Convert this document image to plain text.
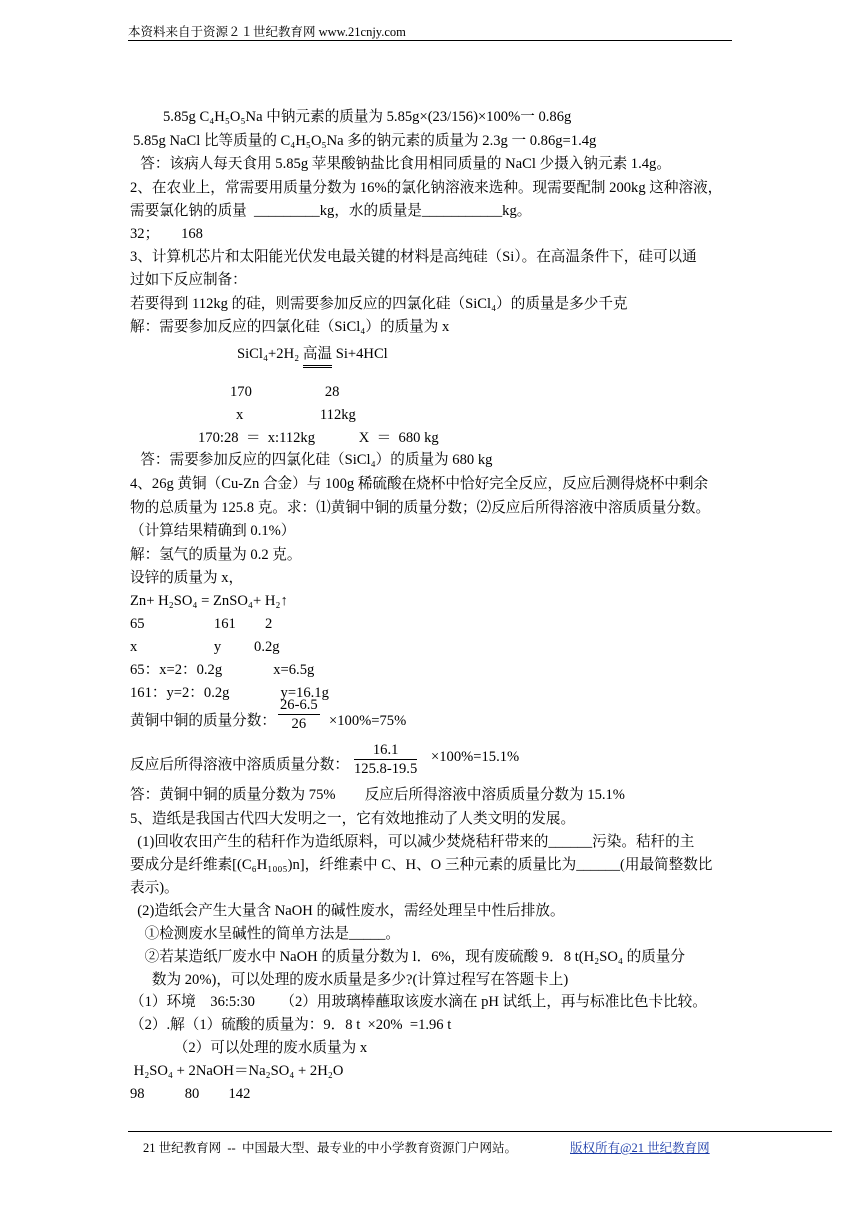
本资料来自于资源２１世纪教育网 www.21cnjy.com
5.85g C₄H₅O₅Na 中钠元素的质量为 5.85g×(23/156)×100%一 0.86g
5.85g NaCl 比等质量的 C₄H₅O₅Na 多的钠元素的质量为 2.3g 一 0.86g=1.4g
答：该病人每天食用 5.85g 苹果酸钠盐比食用相同质量的 NaCl 少摄入钠元素 1.4g。
2、在农业上，常需要用质量分数为 16%的氯化钠溶液来选种。现需要配制 200kg 这种溶液，
需要氯化钠的质量  _________kg，水的质量是___________kg。
32；      168
3、计算机芯片和太阳能光伏发电最关键的材料是高纯硅（Si）。在高温条件下，硅可以通
过如下反应制备：
若要得到 112kg 的硅，则需要参加反应的四氯化硅（SiCl₄）的质量是多少千克
解：需要参加反应的四氯化硅（SiCl₄）的质量为 x
SiCl₄+2H₂ 高温 Si+4HCl
170                    28
x                     112kg
170:28  ＝  x:112kg            X  ＝  680 kg
答：需要参加反应的四氯化硅（SiCl₄）的质量为 680 kg
4、26g 黄铜（Cu-Zn 合金）与 100g 稀硫酸在烧杯中恰好完全反应，反应后测得烧杯中剩余
物的总质量为 125.8 克。求：⑴黄铜中铜的质量分数；⑵反应后所得溶液中溶质质量分数。
（计算结果精确到 0.1%）
解：氢气的质量为 0.2 克。
设锌的质量为 x，
Zn+ H₂SO₄ = ZnSO₄+ H₂↑
65                   161        2
x                     y         0.2g
65：x=2：0.2g              x=6.5g
161：y=2：0.2g              y=16.1g
黄铜中铜的质量分数： $\frac{26-6.5}{26} \times 100\%=75\%$
反应后所得溶液中溶质质量分数： $\frac{16.1}{125.8-19.5} \times 100\%=15.1\%$
答：黄铜中铜的质量分数为 75%        反应后所得溶液中溶质质量分数为 15.1%
5、造纸是我国古代四大发明之一，它有效地推动了人类文明的发展。
(1)回收农田产生的秸秆作为造纸原料，可以减少焚烧秸秆带来的______污染。秸秆的主
要成分是纤维素[(C₆H₁₀₀₅)n]，纤维素中 C、H、O 三种元素的质量比为______(用最简整数比
表示)。
(2)造纸会产生大量含 NaOH 的碱性废水，需经处理呈中性后排放。
①检测废水呈碱性的简单方法是_____。
②若某造纸厂废水中 NaOH 的质量分数为 l．6%，现有废硫酸 9．8 t(H₂SO₄ 的质量分
数为 20%)，可以处理的废水质量是多少?(计算过程写在答题卡上)
（1）环境    36:5:30       （2）用玻璃棒蘸取该废水滴在 pH 试纸上，再与标准比色卡比较。
（2）.解（1）硫酸的质量为：9．8 t  ×20%  =1.96 t
（2）可以处理的废水质量为 x
H₂SO₄ + 2NaOH＝Na₂SO₄ + 2H₂O
98           80        142
21 世纪教育网  --  中国最大型、最专业的中小学教育资源门户网站。	版权所有@21 世纪教育网
